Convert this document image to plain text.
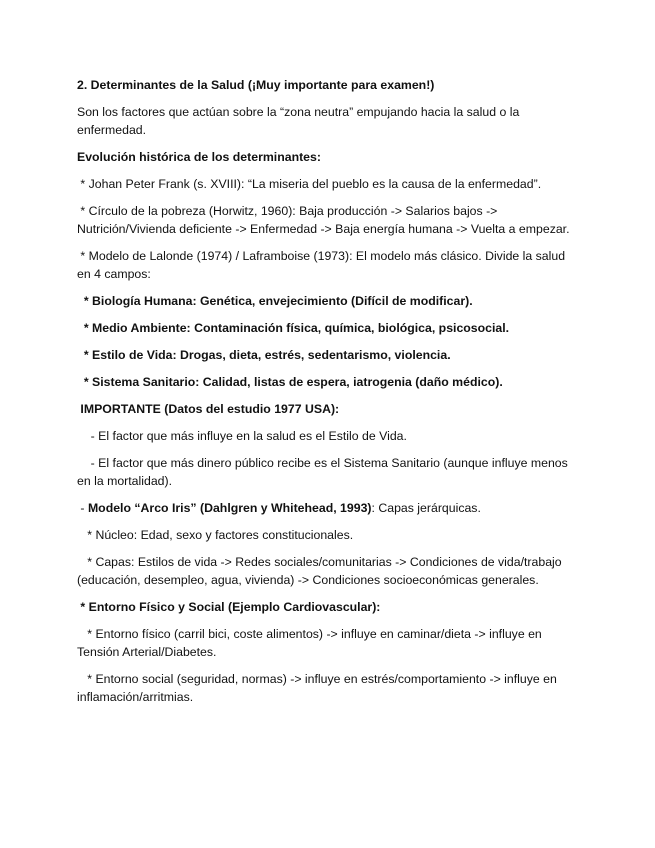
2. Determinantes de la Salud (¡Muy importante para examen!)

Son los factores que actúan sobre la “zona neutra” empujando hacia la salud o la enfermedad.

Evolución histórica de los determinantes:

* Johan Peter Frank (s. XVIII): “La miseria del pueblo es la causa de la enfermedad”.

* Círculo de la pobreza (Horwitz, 1960): Baja producción -> Salarios bajos -> Nutrición/Vivienda deficiente -> Enfermedad -> Baja energía humana -> Vuelta a empezar.

* Modelo de Lalonde (1974) / Laframboise (1973): El modelo más clásico. Divide la salud en 4 campos:

* Biología Humana: Genética, envejecimiento (Difícil de modificar).

* Medio Ambiente: Contaminación física, química, biológica, psicosocial.

* Estilo de Vida: Drogas, dieta, estrés, sedentarismo, violencia.

* Sistema Sanitario: Calidad, listas de espera, iatrogenia (daño médico).

IMPORTANTE (Datos del estudio 1977 USA):

- El factor que más influye en la salud es el Estilo de Vida.

- El factor que más dinero público recibe es el Sistema Sanitario (aunque influye menos en la mortalidad).

- Modelo “Arco Iris” (Dahlgren y Whitehead, 1993): Capas jerárquicas.

* Núcleo: Edad, sexo y factores constitucionales.

* Capas: Estilos de vida -> Redes sociales/comunitarias -> Condiciones de vida/trabajo (educación, desempleo, agua, vivienda) -> Condiciones socioeconómicas generales.

* Entorno Físico y Social (Ejemplo Cardiovascular):

* Entorno físico (carril bici, coste alimentos) -> influye en caminar/dieta -> influye en Tensión Arterial/Diabetes.

* Entorno social (seguridad, normas) -> influye en estrés/comportamiento -> influye en inflamación/arritmias.
